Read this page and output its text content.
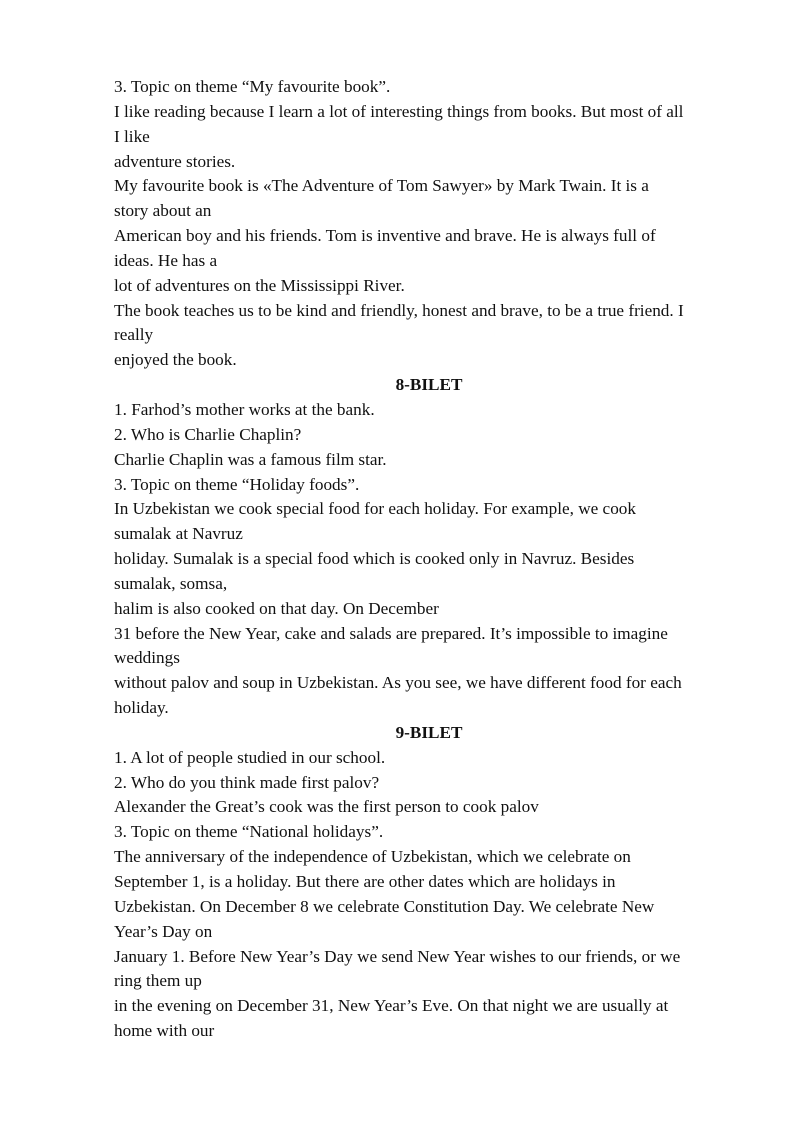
3. Topic on theme “My favourite book”.
I like reading because I learn a lot of interesting things from books. But most of all
I like
adventure stories.
My favourite book is «The Adventure of Tom Sawyer» by Mark Twain. It is a
story about an
American boy and his friends. Tom is inventive and brave. He is always full of
ideas. He has a
lot of adventures on the Mississippi River.
The book teaches us to be kind and friendly, honest and brave, to be a true friend. I
really
enjoyed the book.
8-BILET
1. Farhod’s mother works at the bank.
2. Who is Charlie Chaplin?
Charlie Chaplin was a famous film star.
3. Topic on theme “Holiday foods”.
In Uzbekistan we cook special food for each holiday. For example, we cook
sumalak at Navruz
holiday. Sumalak is a special food which is cooked only in Navruz. Besides
sumalak, somsa,
halim is also cooked on that day. On December
31 before the New Year, cake and salads are prepared. It’s impossible to imagine
weddings
without palov and soup in Uzbekistan. As you see, we have different food for each
holiday.
9-BILET
1. A lot of people studied in our school.
2. Who do you think made first palov?
Alexander the Great’s cook was the first person to cook palov
3. Topic on theme “National holidays”.
The anniversary of the independence of Uzbekistan, which we celebrate on
September 1, is a holiday. But there are other dates which are holidays in
Uzbekistan. On December 8 we celebrate Constitution Day. We celebrate New
Year’s Day on
January 1. Before New Year’s Day we send New Year wishes to our friends, or we
ring them up
in the evening on December 31, New Year’s Eve. On that night we are usually at
home with our
